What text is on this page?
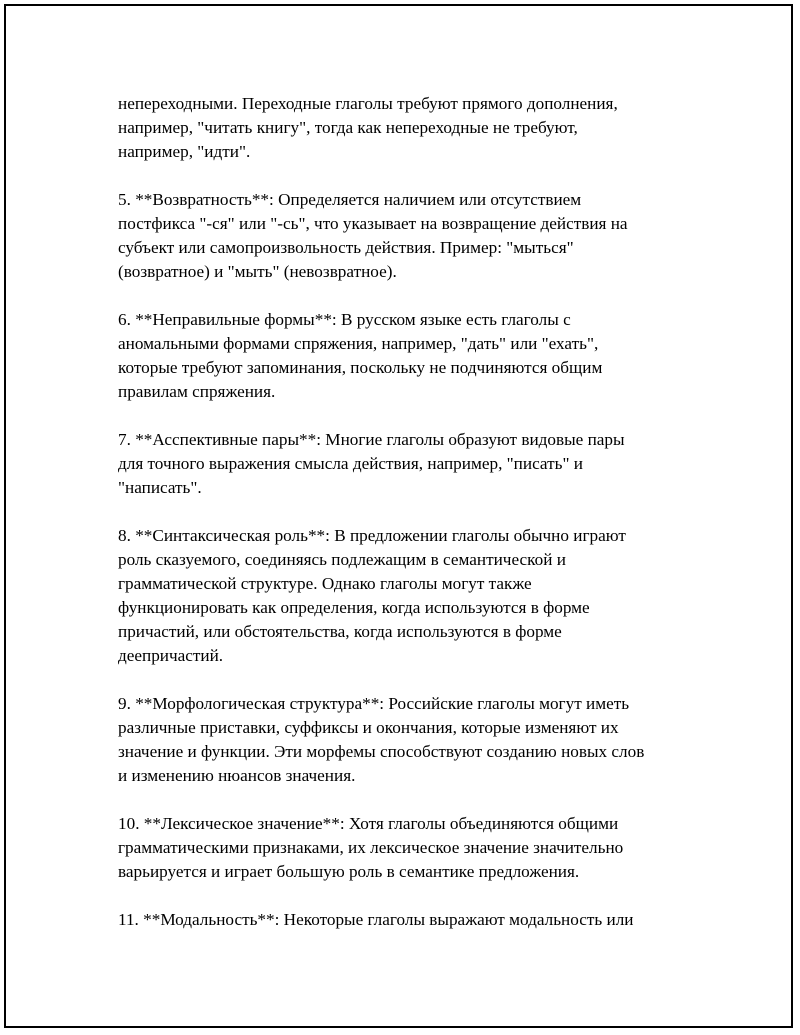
непереходными. Переходные глаголы требуют прямого дополнения,
например, "читать книгу", тогда как непереходные не требуют,
например, "идти".

5. **Возвратность**: Определяется наличием или отсутствием
постфикса "-ся" или "-сь", что указывает на возвращение действия на
субъект или самопроизвольность действия. Пример: "мыться"
(возвратное) и "мыть" (невозвратное).

6. **Неправильные формы**: В русском языке есть глаголы с
аномальными формами спряжения, например, "дать" или "ехать",
которые требуют запоминания, поскольку не подчиняются общим
правилам спряжения.

7. **Асспективные пары**: Многие глаголы образуют видовые пары
для точного выражения смысла действия, например, "писать" и
"написать".

8. **Синтаксическая роль**: В предложении глаголы обычно играют
роль сказуемого, соединяясь подлежащим в семантической и
грамматической структуре. Однако глаголы могут также
функционировать как определения, когда используются в форме
причастий, или обстоятельства, когда используются в форме
деепричастий.

9. **Морфологическая структура**: Российские глаголы могут иметь
различные приставки, суффиксы и окончания, которые изменяют их
значение и функции. Эти морфемы способствуют созданию новых слов
и изменению нюансов значения.

10. **Лексическое значение**: Хотя глаголы объединяются общими
грамматическими признаками, их лексическое значение значительно
варьируется и играет большую роль в семантике предложения.

11. **Модальность**: Некоторые глаголы выражают модальность или
